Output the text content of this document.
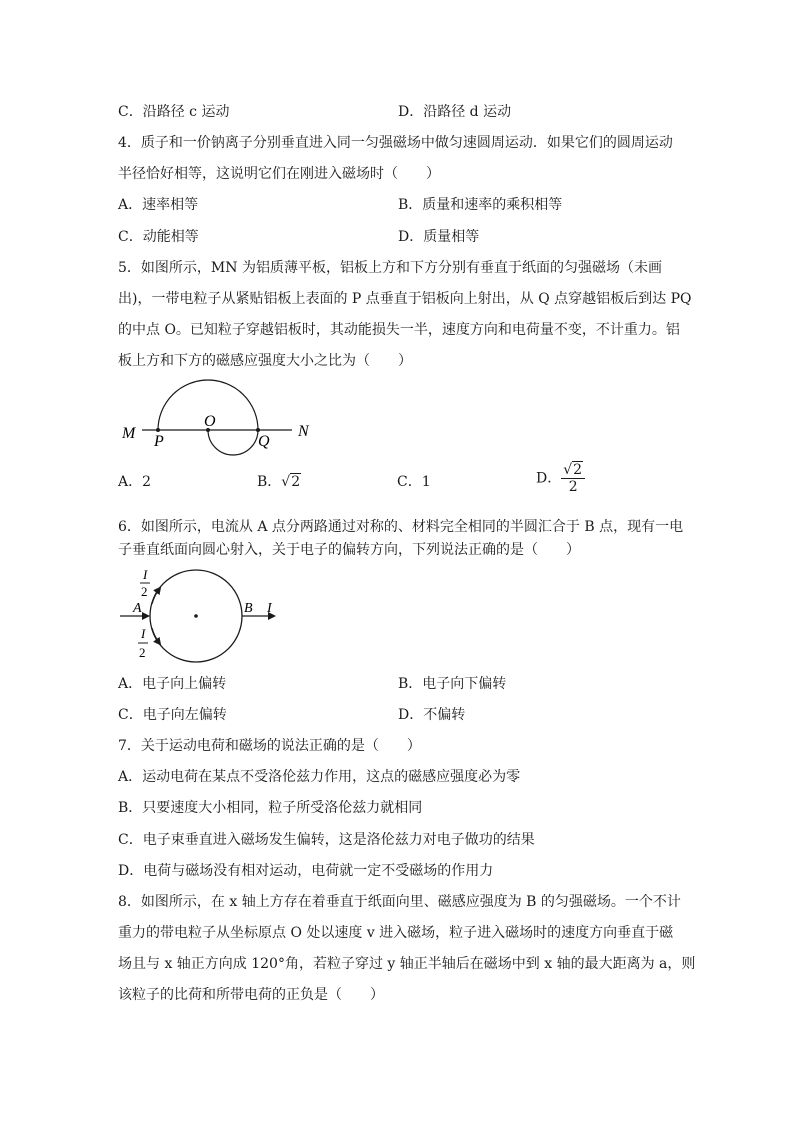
C．沿路径 c 运动	D．沿路径 d 运动
4．质子和一价钠离子分别垂直进入同一匀强磁场中做匀速圆周运动．如果它们的圆周运动
半径恰好相等，这说明它们在刚进入磁场时（　　）
A．速率相等	B．质量和速率的乘积相等
C．动能相等	D．质量相等
5．如图所示，MN 为铝质薄平板，铝板上方和下方分别有垂直于纸面的匀强磁场（未画
出)，一带电粒子从紧贴铝板上表面的 P 点垂直于铝板向上射出，从 Q 点穿越铝板后到达 PQ
的中点 O。已知粒子穿越铝板时，其动能损失一半，速度方向和电荷量不变，不计重力。铝
板上方和下方的磁感应强度大小之比为（　　）
M P
O
Q
N
A．2	B．√2	C．1	D． $\frac{√2}{2}$
6．如图所示，电流从 A 点分两路通过对称的、材料完全相同的半圆汇合于 B 点，现有一电
子垂直纸面向圆心射入，关于电子的偏转方向，下列说法正确的是（　　）
I
2
A
I
2
B I
A．电子向上偏转	B．电子向下偏转
C．电子向左偏转	D．不偏转
7．关于运动电荷和磁场的说法正确的是（　　）
A．运动电荷在某点不受洛伦兹力作用，这点的磁感应强度必为零
B．只要速度大小相同，粒子所受洛伦兹力就相同
C．电子束垂直进入磁场发生偏转，这是洛伦兹力对电子做功的结果
D．电荷与磁场没有相对运动，电荷就一定不受磁场的作用力
8．如图所示，在 x 轴上方存在着垂直于纸面向里、磁感应强度为 B 的匀强磁场。一个不计
重力的带电粒子从坐标原点 O 处以速度 v 进入磁场，粒子进入磁场时的速度方向垂直于磁
场且与 x 轴正方向成 120°角，若粒子穿过 y 轴正半轴后在磁场中到 x 轴的最大距离为 a，则
该粒子的比荷和所带电荷的正负是（　　）
